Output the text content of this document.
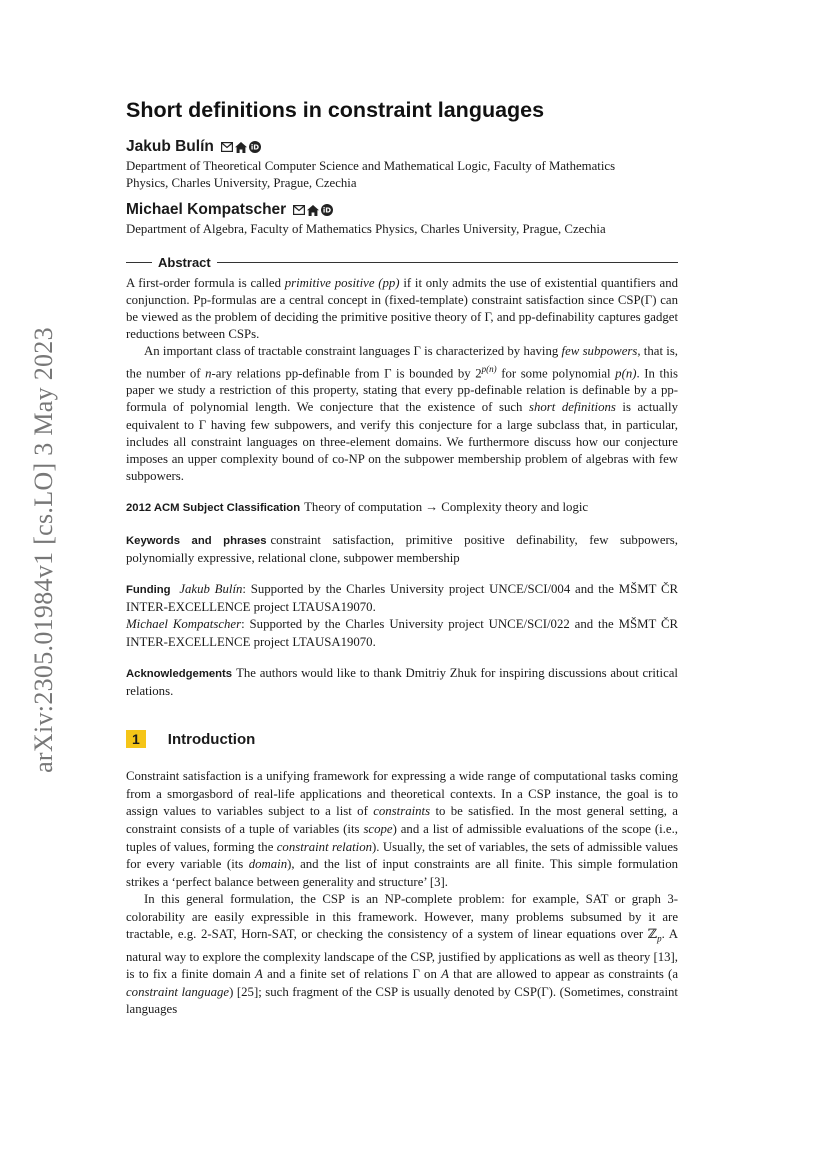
arXiv:2305.01984v1 [cs.LO] 3 May 2023
Short definitions in constraint languages
Jakub Bulín	iD
Department of Theoretical Computer Science and Mathematical Logic, Faculty of Mathematics
Physics, Charles University, Prague, Czechia
Michael Kompatscher	iD
Department of Algebra, Faculty of Mathematics Physics, Charles University, Prague, Czechia
Abstract

A first-order formula is called primitive positive (pp) if it only admits the use of existential quantifiers and conjunction. Pp-formulas are a central concept in (fixed-template) constraint satisfaction since CSP(Γ) can be viewed as the problem of deciding the primitive positive theory of Γ, and pp-definability captures gadget reductions between CSPs.

An important class of tractable constraint languages Γ is characterized by having few subpowers, that is, the number of n-ary relations pp-definable from Γ is bounded by $2^{p(n)}$ for some polynomial p(n). In this paper we study a restriction of this property, stating that every pp-definable relation is definable by a pp-formula of polynomial length. We conjecture that the existence of such short definitions is actually equivalent to Γ having few subpowers, and verify this conjecture for a large subclass that, in particular, includes all constraint languages on three-element domains. We furthermore discuss how our conjecture imposes an upper complexity bound of co-NP on the subpower membership problem of algebras with few subpowers.

2012 ACM Subject Classification Theory of computation → Complexity theory and logic

Keywords and phrases constraint satisfaction, primitive positive definability, few subpowers, polynomially expressive, relational clone, subpower membership

Funding Jakub Bulín: Supported by the Charles University project UNCE/SCI/004 and the MŠMT ČR INTER-EXCELLENCE project LTAUSA19070.

Michael Kompatscher: Supported by the Charles University project UNCE/SCI/022 and the MŠMT ČR INTER-EXCELLENCE project LTAUSA19070.

Acknowledgements The authors would like to thank Dmitriy Zhuk for inspiring discussions about critical relations.

1	Introduction

Constraint satisfaction is a unifying framework for expressing a wide range of computational tasks coming from a smorgasbord of real-life applications and theoretical contexts. In a CSP instance, the goal is to assign values to variables subject to a list of constraints to be satisfied. In the most general setting, a constraint consists of a tuple of variables (its scope) and a list of admissible evaluations of the scope (i.e., tuples of values, forming the constraint relation). Usually, the set of variables, the sets of admissible values for every variable (its domain), and the list of input constraints are all finite. This simple formulation strikes a ‘perfect balance between generality and structure’ [3].

In this general formulation, the CSP is an NP-complete problem: for example, SAT or graph 3-colorability are easily expressible in this framework. However, many problems subsumed by it are tractable, e.g. 2-SAT, Horn-SAT, or checking the consistency of a system of linear equations over ℤ$_p$. A natural way to explore the complexity landscape of the CSP, justified by applications as well as theory [13], is to fix a finite domain A and a finite set of relations Γ on A that are allowed to appear as constraints (a constraint language) [25]; such fragment of the CSP is usually denoted by CSP(Γ). (Sometimes, constraint languages
